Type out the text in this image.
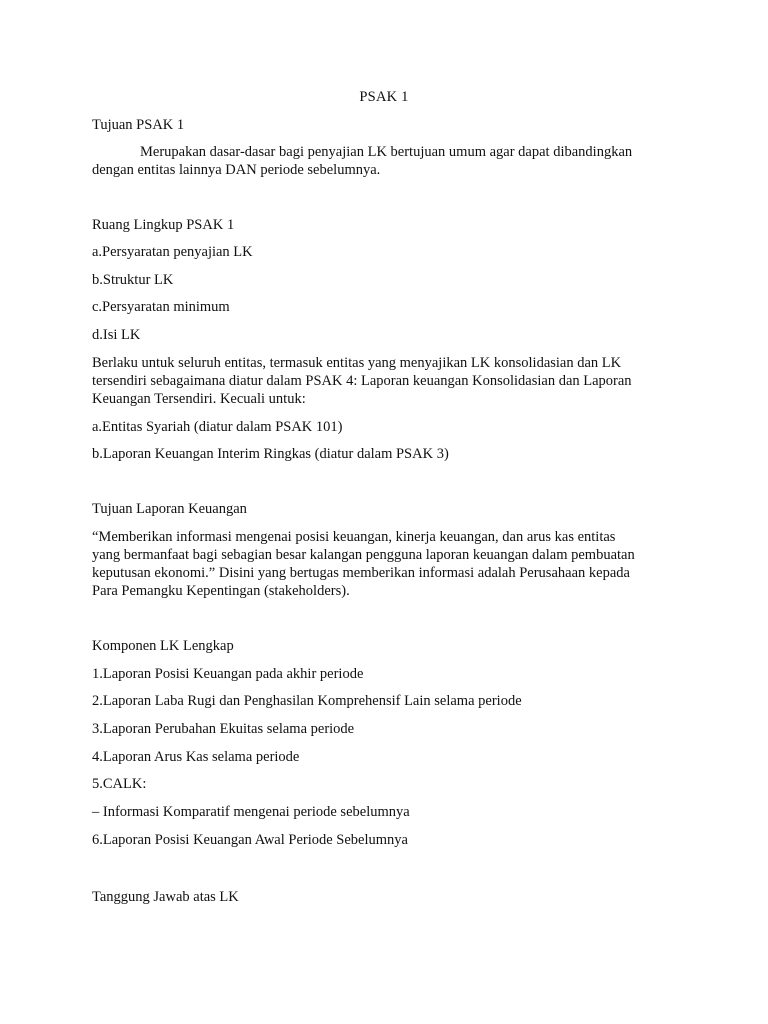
PSAK 1

Tujuan PSAK 1

Merupakan dasar-dasar bagi penyajian LK bertujuan umum agar dapat dibandingkan
dengan entitas lainnya DAN periode sebelumnya.

Ruang Lingkup PSAK 1

a.Persyaratan penyajian LK

b.Struktur LK

c.Persyaratan minimum

d.Isi LK

Berlaku untuk seluruh entitas, termasuk entitas yang menyajikan LK konsolidasian dan LK
tersendiri sebagaimana diatur dalam PSAK 4: Laporan keuangan Konsolidasian dan Laporan
Keuangan Tersendiri. Kecuali untuk:

a.Entitas Syariah (diatur dalam PSAK 101)

b.Laporan Keuangan Interim Ringkas (diatur dalam PSAK 3)

Tujuan Laporan Keuangan

“Memberikan informasi mengenai posisi keuangan, kinerja keuangan, dan arus kas entitas
yang bermanfaat bagi sebagian besar kalangan pengguna laporan keuangan dalam pembuatan
keputusan ekonomi.” Disini yang bertugas memberikan informasi adalah Perusahaan kepada
Para Pemangku Kepentingan (stakeholders).

Komponen LK Lengkap

1.Laporan Posisi Keuangan pada akhir periode

2.Laporan Laba Rugi dan Penghasilan Komprehensif Lain selama periode

3.Laporan Perubahan Ekuitas selama periode

4.Laporan Arus Kas selama periode

5.CALK:

– Informasi Komparatif mengenai periode sebelumnya

6.Laporan Posisi Keuangan Awal Periode Sebelumnya

Tanggung Jawab atas LK
